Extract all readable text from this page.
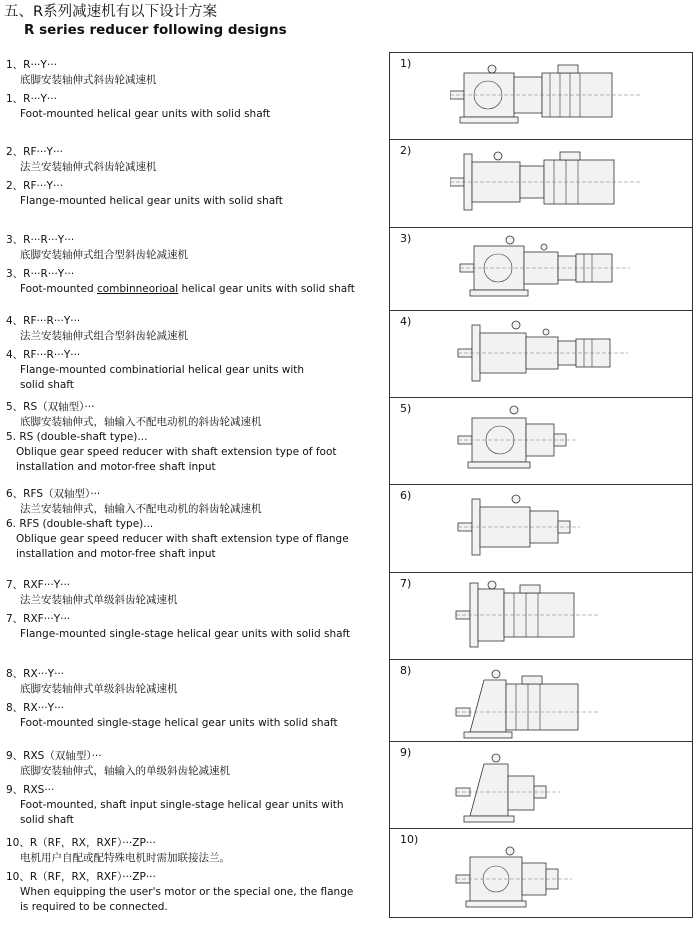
五、R系列减速机有以下设计方案
R series reducer following designs
1、R···Y···
底脚安装轴伸式斜齿轮减速机
1、R···Y···
Foot-mounted helical gear units with solid shaft
2、RF···Y···
法兰安装轴伸式斜齿轮减速机
2、RF···Y···
Flange-mounted helical gear units with solid shaft
3、R···R···Y···
底脚安装轴伸式组合型斜齿轮减速机
3、R···R···Y···
Foot-mounted combinneorioal helical gear units with solid shaft
4、RF···R···Y···
法兰安装轴伸式组合型斜齿轮减速机
4、RF···R···Y···
Flange-mounted combinatiorial helical gear units with solid shaft
5、RS（双轴型）···
底脚安装轴伸式，轴输入不配电动机的斜齿轮减速机
5. RS (double-shaft type)...
Oblique gear speed reducer with shaft extension type of foot installation and motor-free shaft input
6、RFS（双轴型）···
法兰安装轴伸式，轴输入不配电动机的斜齿轮减速机
6. RFS (double-shaft type)...
Oblique gear speed reducer with shaft extension type of flange installation and motor-free shaft input
7、RXF···Y···
法兰安装轴伸式单级斜齿轮减速机
7、RXF···Y···
Flange-mounted single-stage helical gear units with solid shaft
8、RX···Y···
底脚安装轴伸式单级斜齿轮减速机
8、RX···Y···
Foot-mounted single-stage helical gear units with solid shaft
9、RXS（双轴型）···
底脚安装轴伸式，轴输入的单级斜齿轮减速机
9、RXS···
Foot-mounted, shaft input single-stage helical gear units with solid shaft
10、R（RF，RX，RXF）···ZP···
电机用户自配或配特殊电机时需加联接法兰。
10、R（RF，RX，RXF）···ZP···
When equipping the user's motor or the special one, the flange is required to be connected.
1)
2)
3)
4)
5)
6)
7)
8)
9)
10)
